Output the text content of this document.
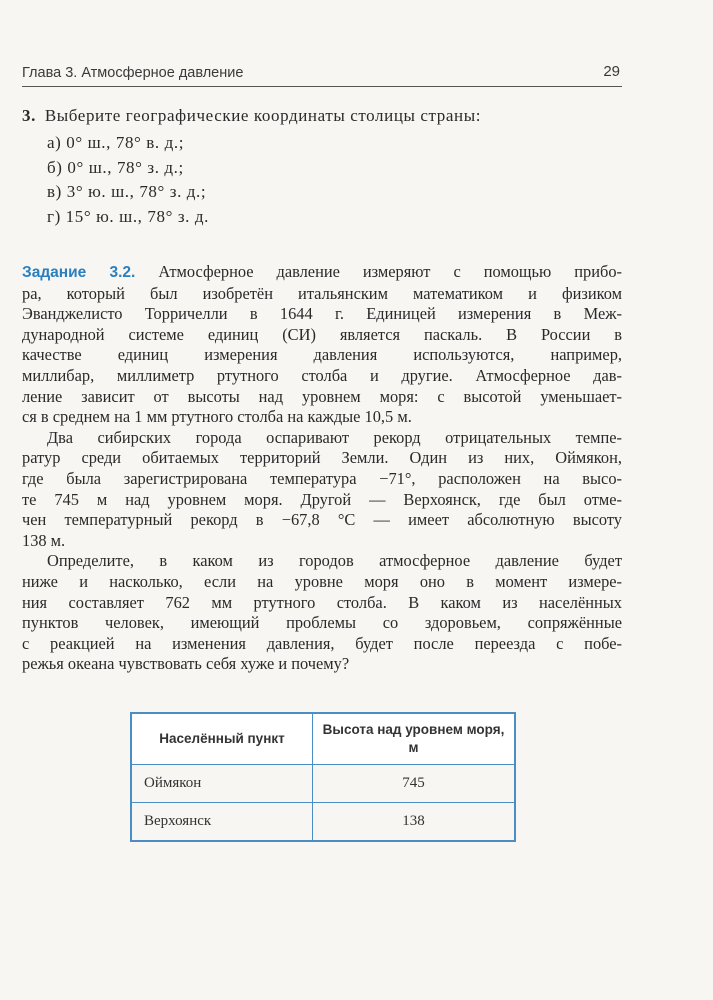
Глава 3. Атмосферное давление	29
3. Выберите географические координаты столицы страны:
а) 0° ш., 78° в. д.;
б) 0° ш., 78° з. д.;
в) 3° ю. ш., 78° з. д.;
г) 15° ю. ш., 78° з. д.

Задание 3.2. Атмосферное давление измеряют с помощью прибо-
ра, который был изобретён итальянским математиком и физиком
Эванджелисто Торричелли в 1644 г. Единицей измерения в Меж-
дународной системе единиц (СИ) является паскаль. В России в
качестве единиц измерения давления используются, например,
миллибар, миллиметр ртутного столба и другие. Атмосферное дав-
ление зависит от высоты над уровнем моря: с высотой уменьшает-
ся в среднем на 1 мм ртутного столба на каждые 10,5 м.

Два сибирских города оспаривают рекорд отрицательных темпе-
ратур среди обитаемых территорий Земли. Один из них, Оймякон,
где была зарегистрирована температура −71°, расположен на высо-
те 745 м над уровнем моря. Другой — Верхоянск, где был отме-
чен температурный рекорд в −67,8 °С — имеет абсолютную высоту
138 м.

Определите, в каком из городов атмосферное давление будет
ниже и насколько, если на уровне моря оно в момент измере-
ния составляет 762 мм ртутного столба. В каком из населённых
пунктов человек, имеющий проблемы со здоровьем, сопряжённые
с реакцией на изменения давления, будет после переезда с побе-
режья океана чувствовать себя хуже и почему?

Населённый пункт	Высота над уровнем моря, м
Оймякон	745
Верхоянск	138
